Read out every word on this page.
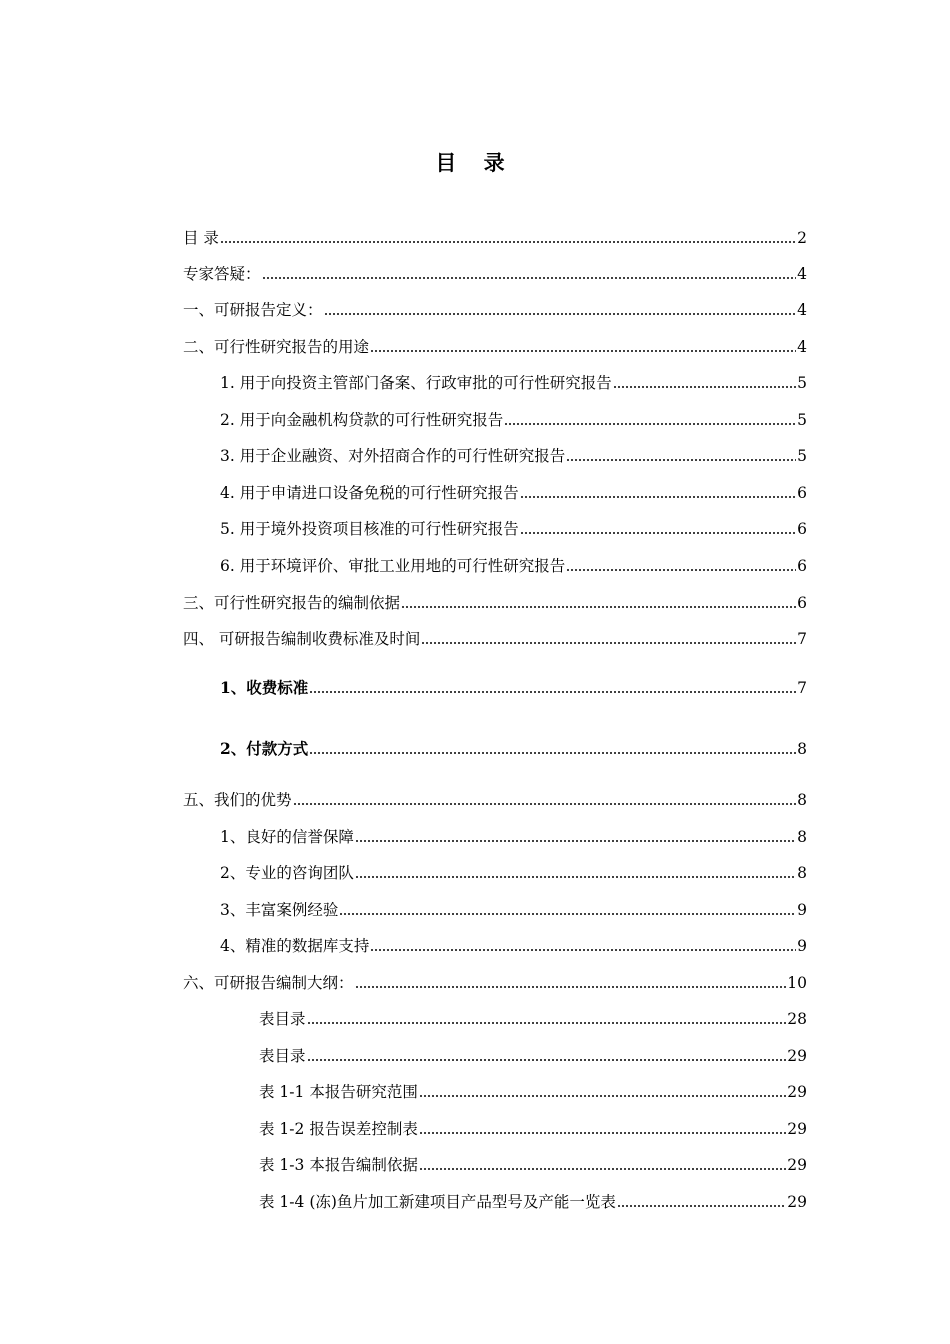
目 录
目 录	2
专家答疑：	4
一、可研报告定义：	4
二、可行性研究报告的用途	4
1. 用于向投资主管部门备案、行政审批的可行性研究报告	5
2. 用于向金融机构贷款的可行性研究报告	5
3. 用于企业融资、对外招商合作的可行性研究报告	5
4. 用于申请进口设备免税的可行性研究报告	6
5. 用于境外投资项目核准的可行性研究报告	6
6. 用于环境评价、审批工业用地的可行性研究报告	6
三、可行性研究报告的编制依据	6
四、 可研报告编制收费标准及时间	7
1、收费标准	7
2、付款方式	8
五、我们的优势	8
1、良好的信誉保障	8
2、专业的咨询团队	8
3、丰富案例经验	9
4、精准的数据库支持	9
六、可研报告编制大纲：	10
表目录	28
表目录	29
表 1-1 本报告研究范围	29
表 1-2 报告误差控制表	29
表 1-3 本报告编制依据	29
表 1-4 (冻)鱼片加工新建项目产品型号及产能一览表	29
